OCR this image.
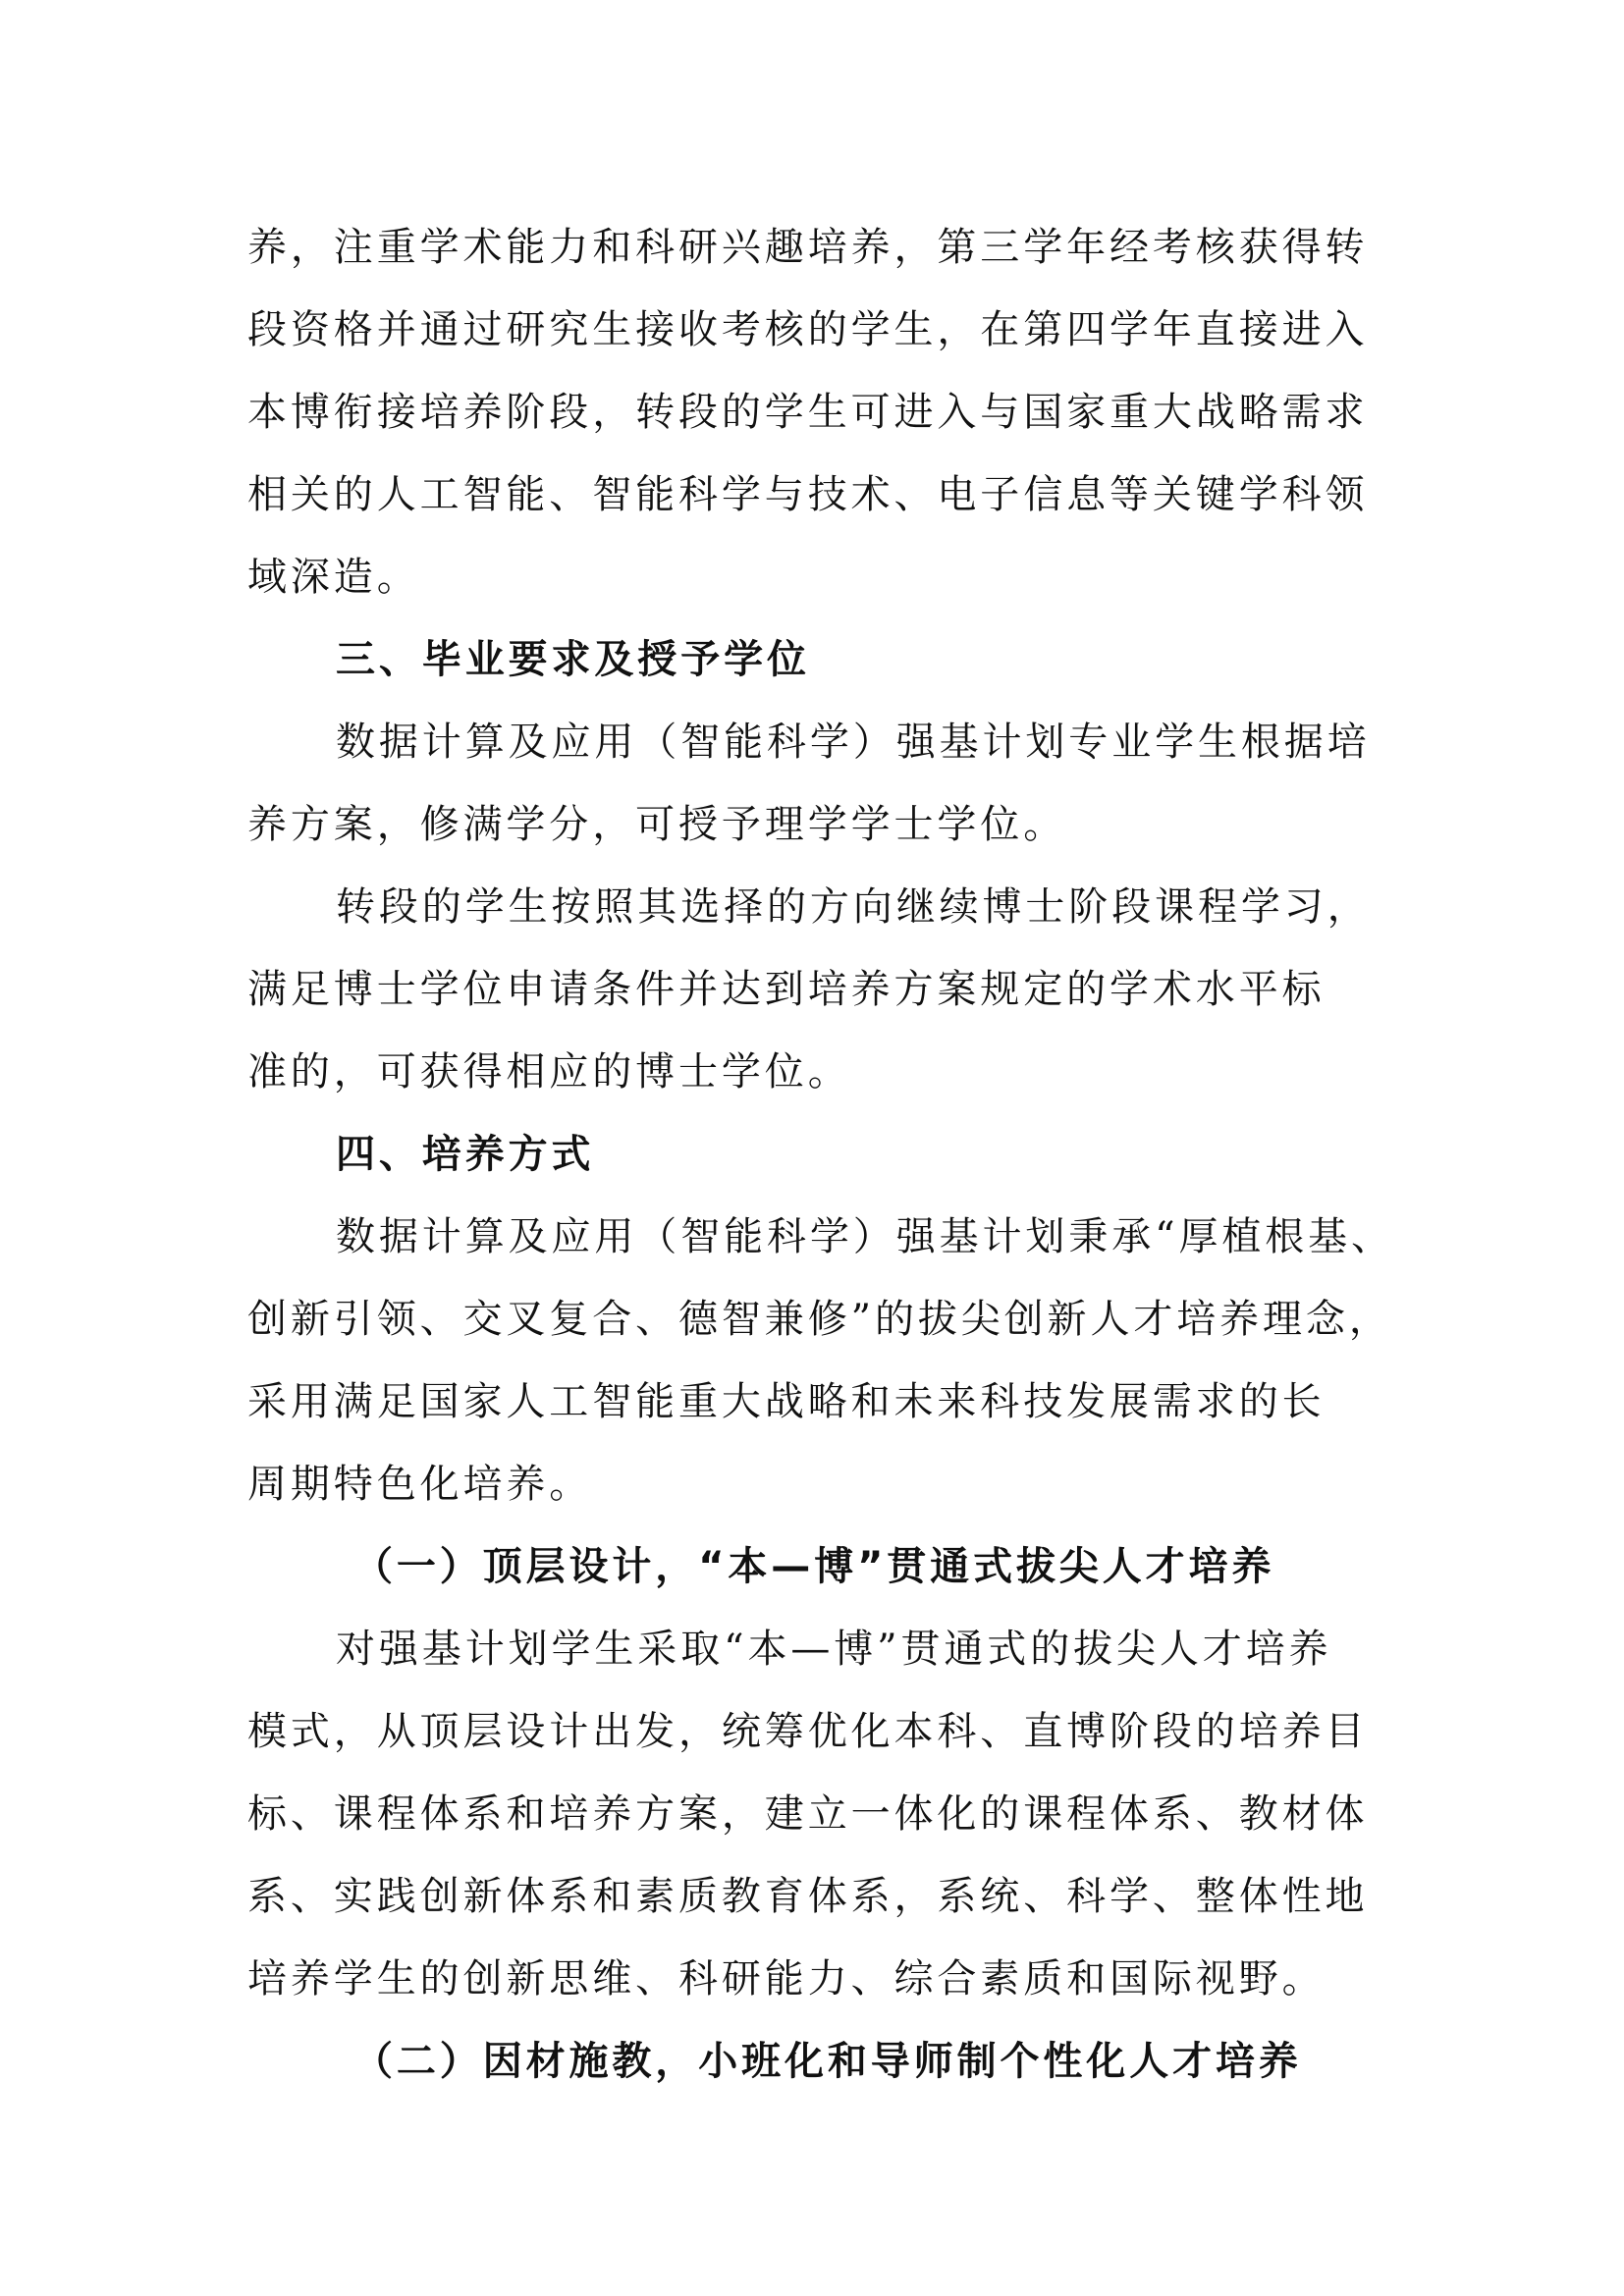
养，注重学术能力和科研兴趣培养，第三学年经考核获得转
段资格并通过研究生接收考核的学生，在第四学年直接进入
本博衔接培养阶段，转段的学生可进入与国家重大战略需求
相关的人工智能、智能科学与技术、电子信息等关键学科领
域深造。
三、毕业要求及授予学位
数据计算及应用（智能科学）强基计划专业学生根据培
养方案，修满学分，可授予理学学士学位。
转段的学生按照其选择的方向继续博士阶段课程学习，
满足博士学位申请条件并达到培养方案规定的学术水平标
准的，可获得相应的博士学位。
四、培养方式
数据计算及应用（智能科学）强基计划秉承“厚植根基、
创新引领、交叉复合、德智兼修”的拔尖创新人才培养理念，
采用满足国家人工智能重大战略和未来科技发展需求的长
周期特色化培养。
（一）顶层设计，“本—博”贯通式拔尖人才培养
对强基计划学生采取“本—博”贯通式的拔尖人才培养
模式，从顶层设计出发，统筹优化本科、直博阶段的培养目
标、课程体系和培养方案，建立一体化的课程体系、教材体
系、实践创新体系和素质教育体系，系统、科学、整体性地
培养学生的创新思维、科研能力、综合素质和国际视野。
（二）因材施教，小班化和导师制个性化人才培养
